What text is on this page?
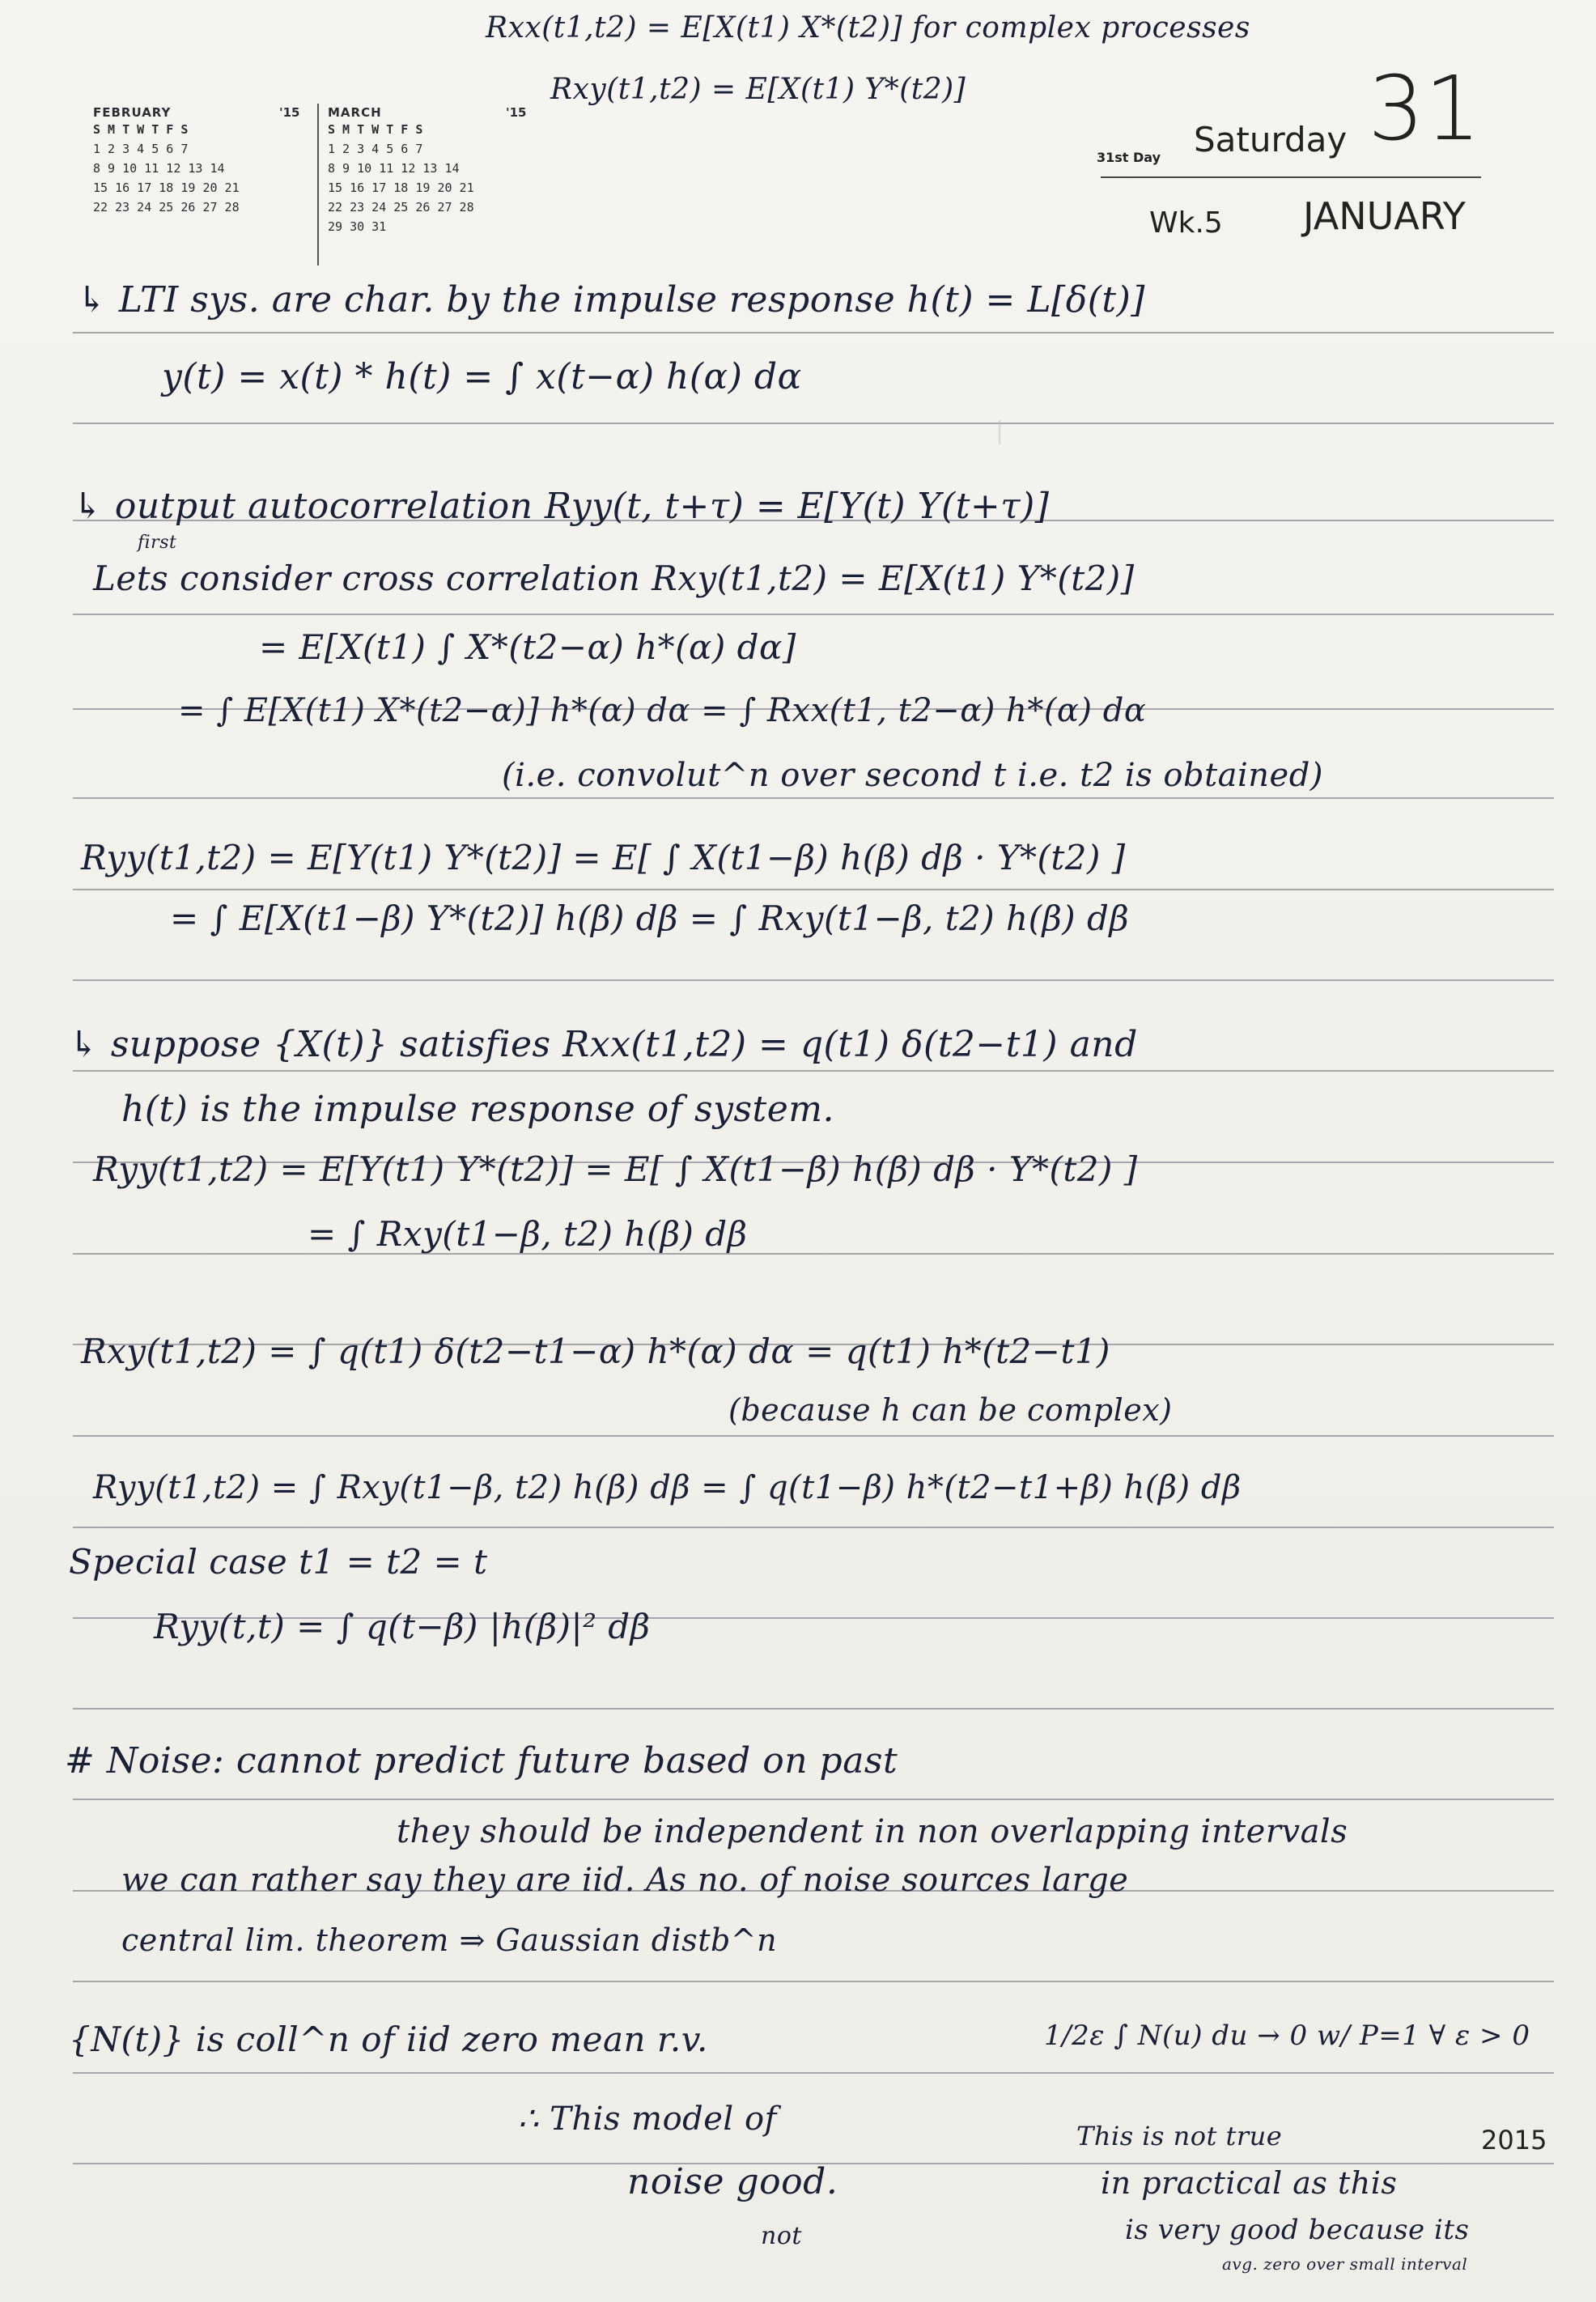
|
Rxx(t1,t2) = E[X(t1) X*(t2)] for complex processes
Rxy(t1,t2) = E[X(t1) Y*(t2)]
FEBRUARY
S M T W T F S
1 2 3 4 5 6 7
8 9 10 11 12 13 14
15 16 17 18 19 20 21
22 23 24 25 26 27 28
'15 MARCH
S M T W T F S
1 2 3 4 5 6 7
8 9 10 11 12 13 14
15 16 17 18 19 20 21
22 23 24 25 26 27 28
29 30 31
'15
31st Day Saturday 31
Wk.5 JANUARY
↳ LTI sys. are char. by the impulse response h(t) = L[δ(t)]
y(t) = x(t) * h(t) = ∫ x(t−α) h(α) dα
↳ output autocorrelation Ryy(t, t+τ) = E[Y(t) Y(t+τ)]
first
Lets consider cross correlation Rxy(t1,t2) = E[X(t1) Y*(t2)]
= E[X(t1) ∫ X*(t2−α) h*(α) dα]
= ∫ E[X(t1) X*(t2−α)] h*(α) dα = ∫ Rxx(t1, t2−α) h*(α) dα
(i.e. convolut^n over second t i.e. t2 is obtained)
Ryy(t1,t2) = E[Y(t1) Y*(t2)] = E[ ∫ X(t1−β) h(β) dβ · Y*(t2) ]
= ∫ E[X(t1−β) Y*(t2)] h(β) dβ = ∫ Rxy(t1−β, t2) h(β) dβ
↳ suppose {X(t)} satisfies Rxx(t1,t2) = q(t1) δ(t2−t1) and
h(t) is the impulse response of system.
Ryy(t1,t2) = E[Y(t1) Y*(t2)] = E[ ∫ X(t1−β) h(β) dβ · Y*(t2) ]
= ∫ Rxy(t1−β, t2) h(β) dβ
Rxy(t1,t2) = ∫ q(t1) δ(t2−t1−α) h*(α) dα = q(t1) h*(t2−t1)
(because h can be complex)
Ryy(t1,t2) = ∫ Rxy(t1−β, t2) h(β) dβ = ∫ q(t1−β) h*(t2−t1+β) h(β) dβ
Special case t1 = t2 = t
Ryy(t,t) = ∫ q(t−β) |h(β)|² dβ
# Noise: cannot predict future based on past
they should be independent in non overlapping intervals
we can rather say they are iid. As no. of noise sources large
central lim. theorem ⇒ Gaussian distb^n
{N(t)} is coll^n of iid zero mean r.v.	1/2ε ∫ N(u) du → 0 w/ P=1 ∀ ε > 0
∴ This model of
noise good.
not
This is not true
in practical as this
is very good because its
avg. zero over small interval
2015
